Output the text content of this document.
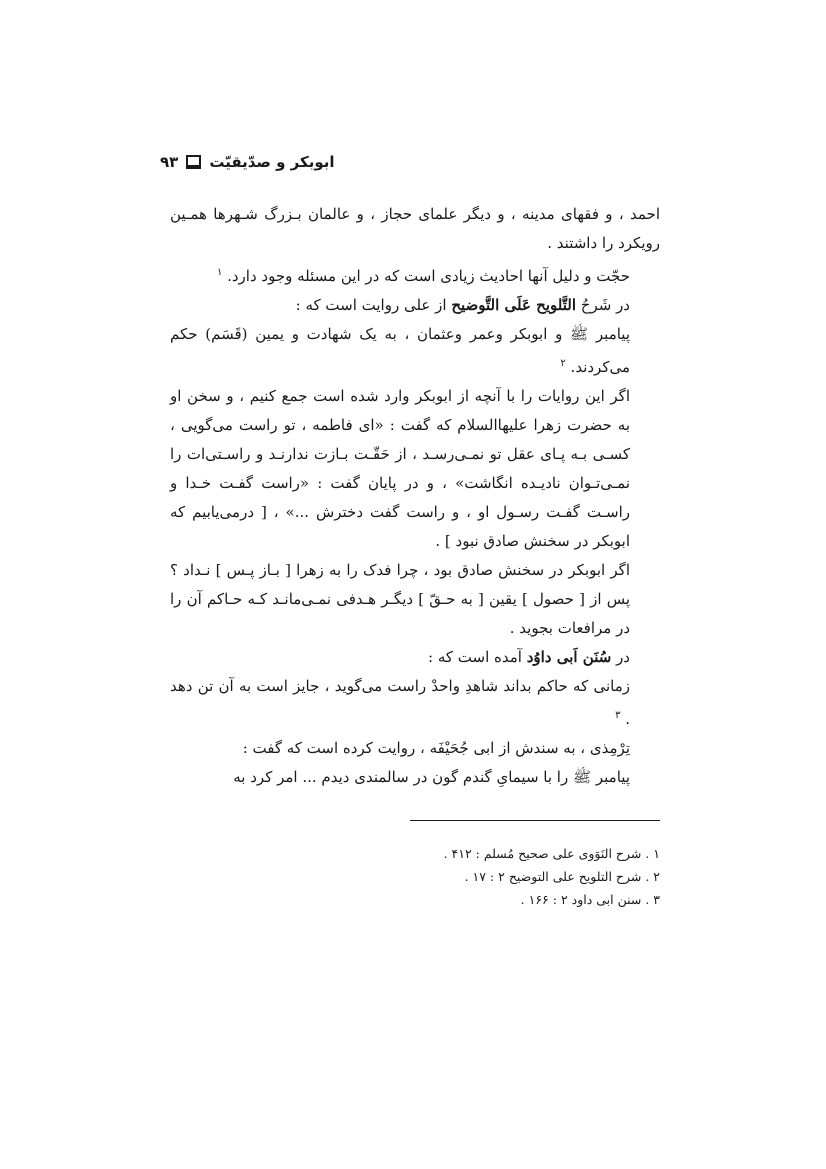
۹۳ ابوبکر و صدّیقیّت

احمد ، و فقهای مدینه ، و دیگر علمای حجاز ، و عالمان بـزرگ شـهرها همـین رویکرد را داشتند .

حجّت و دلیل آنها احادیث زیادی است که در این مسئله وجود دارد. $^۱$

در شَرحُ التَّلویح عَلَی التَّوضیح از علی روایت است که :

پیامبر ﷺ و ابوبکر وعمر وعثمان ، به یک شهادت و یمین (قَسَم) حکم می‌کردند. $^۲$

اگر این روایات را با آنچه از ابوبکر وارد شده است جمع کنیم ، و سخن او به حضرت زهرا علیها‌السلام که گفت : «ای فاطمه ، تو راست می‌گویی ، کسـی بـه پـای عقل تو نمـی‌رسـد ، از حَقّـت بـازت ندارنـد و راسـتی‌ات را نمـی‌تـوان نادیـده انگاشت» ، و در پایان گفت : «راست گفـت خـدا و راسـت گفـت رسـول او ، و راست گفت دخترش ...» ، [ درمی‌یابیم که ابوبکر در سخنش صادق نبود ] .

اگر ابوبکر در سخنش صادق بود ، چرا فدک را به زهرا [ بـاز پـس ] نـداد ؟ پس از [ حصول ] یقین [ به حـقّ ] دیگـر هـدفی نمـی‌مانـد کـه حـاکم آن را در مرافعات بجوید .

در سُنَن اَبی داوُد آمده است که :

زمانی که حاکم بداند شاهدِ واحدْ راست می‌گوید ، جایز است به آن تن دهد . $^۳$

تِرْمِذی ، به سندش از ابی جُحَیْفَه ، روایت کرده است که گفت :

پیامبر ﷺ را با سیمایِ گندم گون در سالمندی دیدم ... امر کرد به

۱ . شرح النَوَوی علی صحیح مُسلم : ۴۱۲ .

۲ . شرح التلویح علی التوضیح ۲ : ۱۷ .

۳ . سنن ابی داود ۲ : ۱۶۶ .
